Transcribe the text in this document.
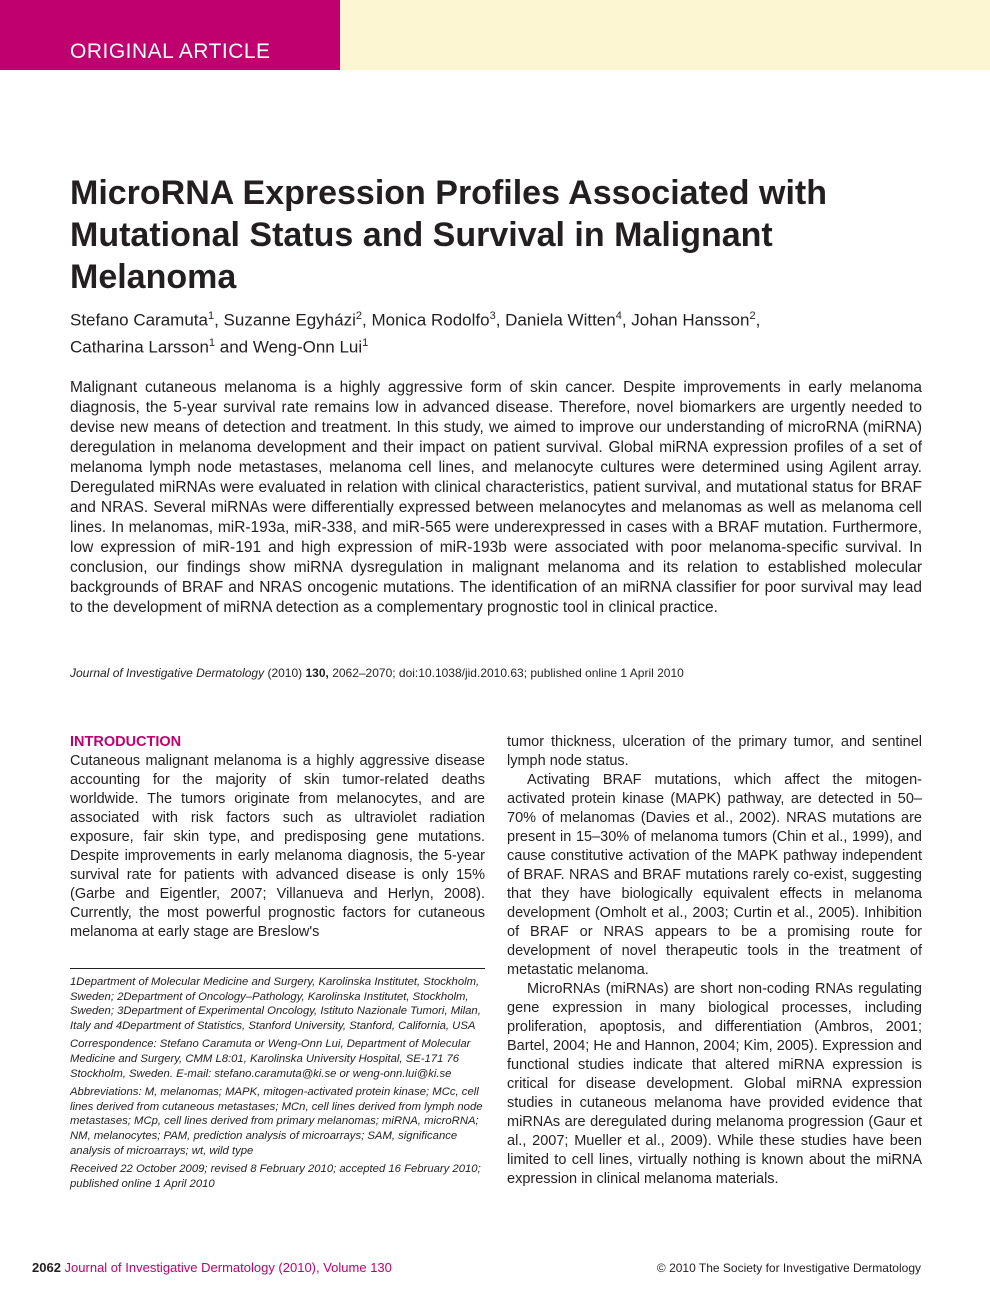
ORIGINAL ARTICLE
MicroRNA Expression Profiles Associated with Mutational Status and Survival in Malignant Melanoma
Stefano Caramuta$^1$, Suzanne Egyházi$^2$, Monica Rodolfo$^3$, Daniela Witten$^4$, Johan Hansson$^2$,
Catharina Larsson$^1$ and Weng-Onn Lui$^1$
Malignant cutaneous melanoma is a highly aggressive form of skin cancer. Despite improvements in early melanoma diagnosis, the 5-year survival rate remains low in advanced disease. Therefore, novel biomarkers are urgently needed to devise new means of detection and treatment. In this study, we aimed to improve our understanding of microRNA (miRNA) deregulation in melanoma development and their impact on patient survival. Global miRNA expression profiles of a set of melanoma lymph node metastases, melanoma cell lines, and melanocyte cultures were determined using Agilent array. Deregulated miRNAs were evaluated in relation with clinical characteristics, patient survival, and mutational status for BRAF and NRAS. Several miRNAs were differentially expressed between melanocytes and melanomas as well as melanoma cell lines. In melanomas, miR-193a, miR-338, and miR-565 were underexpressed in cases with a BRAF mutation. Furthermore, low expression of miR-191 and high expression of miR-193b were associated with poor melanoma-specific survival. In conclusion, our findings show miRNA dysregulation in malignant melanoma and its relation to established molecular backgrounds of BRAF and NRAS oncogenic mutations. The identification of an miRNA classifier for poor survival may lead to the development of miRNA detection as a complementary prognostic tool in clinical practice.
Journal of Investigative Dermatology (2010) 130, 2062–2070; doi:10.1038/jid.2010.63; published online 1 April 2010

INTRODUCTION

Cutaneous malignant melanoma is a highly aggressive disease accounting for the majority of skin tumor-related deaths worldwide. The tumors originate from melanocytes, and are associated with risk factors such as ultraviolet radiation exposure, fair skin type, and predisposing gene mutations. Despite improvements in early melanoma diagnosis, the 5-year survival rate for patients with advanced disease is only 15% (Garbe and Eigentler, 2007; Villanueva and Herlyn, 2008). Currently, the most powerful prognostic factors for cutaneous melanoma at early stage are Breslow's

1Department of Molecular Medicine and Surgery, Karolinska Institutet, Stockholm, Sweden; 2Department of Oncology–Pathology, Karolinska Institutet, Stockholm, Sweden; 3Department of Experimental Oncology, Istituto Nazionale Tumori, Milan, Italy and 4Department of Statistics, Stanford University, Stanford, California, USA

Correspondence: Stefano Caramuta or Weng-Onn Lui, Department of Molecular Medicine and Surgery, CMM L8:01, Karolinska University Hospital, SE-171 76 Stockholm, Sweden. E-mail: stefano.caramuta@ki.se or weng-onn.lui@ki.se

Abbreviations: M, melanomas; MAPK, mitogen-activated protein kinase; MCc, cell lines derived from cutaneous metastases; MCn, cell lines derived from lymph node metastases; MCp, cell lines derived from primary melanomas; miRNA, microRNA; NM, melanocytes; PAM, prediction analysis of microarrays; SAM, significance analysis of microarrays; wt, wild type

Received 22 October 2009; revised 8 February 2010; accepted 16 February 2010; published online 1 April 2010

tumor thickness, ulceration of the primary tumor, and sentinel lymph node status.

Activating BRAF mutations, which affect the mitogen-activated protein kinase (MAPK) pathway, are detected in 50–70% of melanomas (Davies et al., 2002). NRAS mutations are present in 15–30% of melanoma tumors (Chin et al., 1999), and cause constitutive activation of the MAPK pathway independent of BRAF. NRAS and BRAF mutations rarely co-exist, suggesting that they have biologically equivalent effects in melanoma development (Omholt et al., 2003; Curtin et al., 2005). Inhibition of BRAF or NRAS appears to be a promising route for development of novel therapeutic tools in the treatment of metastatic melanoma.

MicroRNAs (miRNAs) are short non-coding RNAs regulating gene expression in many biological processes, including proliferation, apoptosis, and differentiation (Ambros, 2001; Bartel, 2004; He and Hannon, 2004; Kim, 2005). Expression and functional studies indicate that altered miRNA expression is critical for disease development. Global miRNA expression studies in cutaneous melanoma have provided evidence that miRNAs are deregulated during melanoma progression (Gaur et al., 2007; Mueller et al., 2009). While these studies have been limited to cell lines, virtually nothing is known about the miRNA expression in clinical melanoma materials.

2062 Journal of Investigative Dermatology (2010), Volume 130	© 2010 The Society for Investigative Dermatology
